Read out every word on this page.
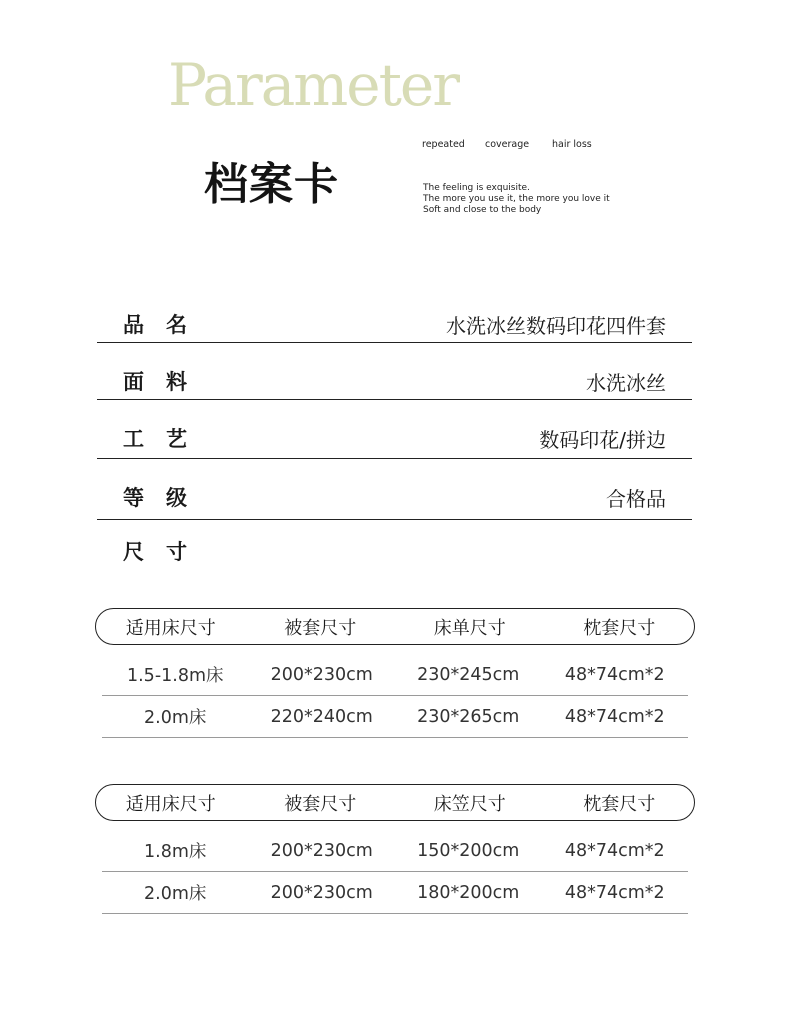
Parameter
repeated coverage hair loss
档案卡	The feeling is exquisite.
The more you use it, the more you love it
Soft and close to the body
品名	水洗冰丝数码印花四件套
面料	水洗冰丝
工艺	数码印花/拼边
等级	合格品
尺寸
适用床尺寸	被套尺寸	床单尺寸	枕套尺寸
1.5-1.8m床	200*230cm	230*245cm	48*74cm*2
2.0m床	220*240cm	230*265cm	48*74cm*2
适用床尺寸	被套尺寸	床笠尺寸	枕套尺寸
1.8m床	200*230cm	150*200cm	48*74cm*2
2.0m床	200*230cm	180*200cm	48*74cm*2
